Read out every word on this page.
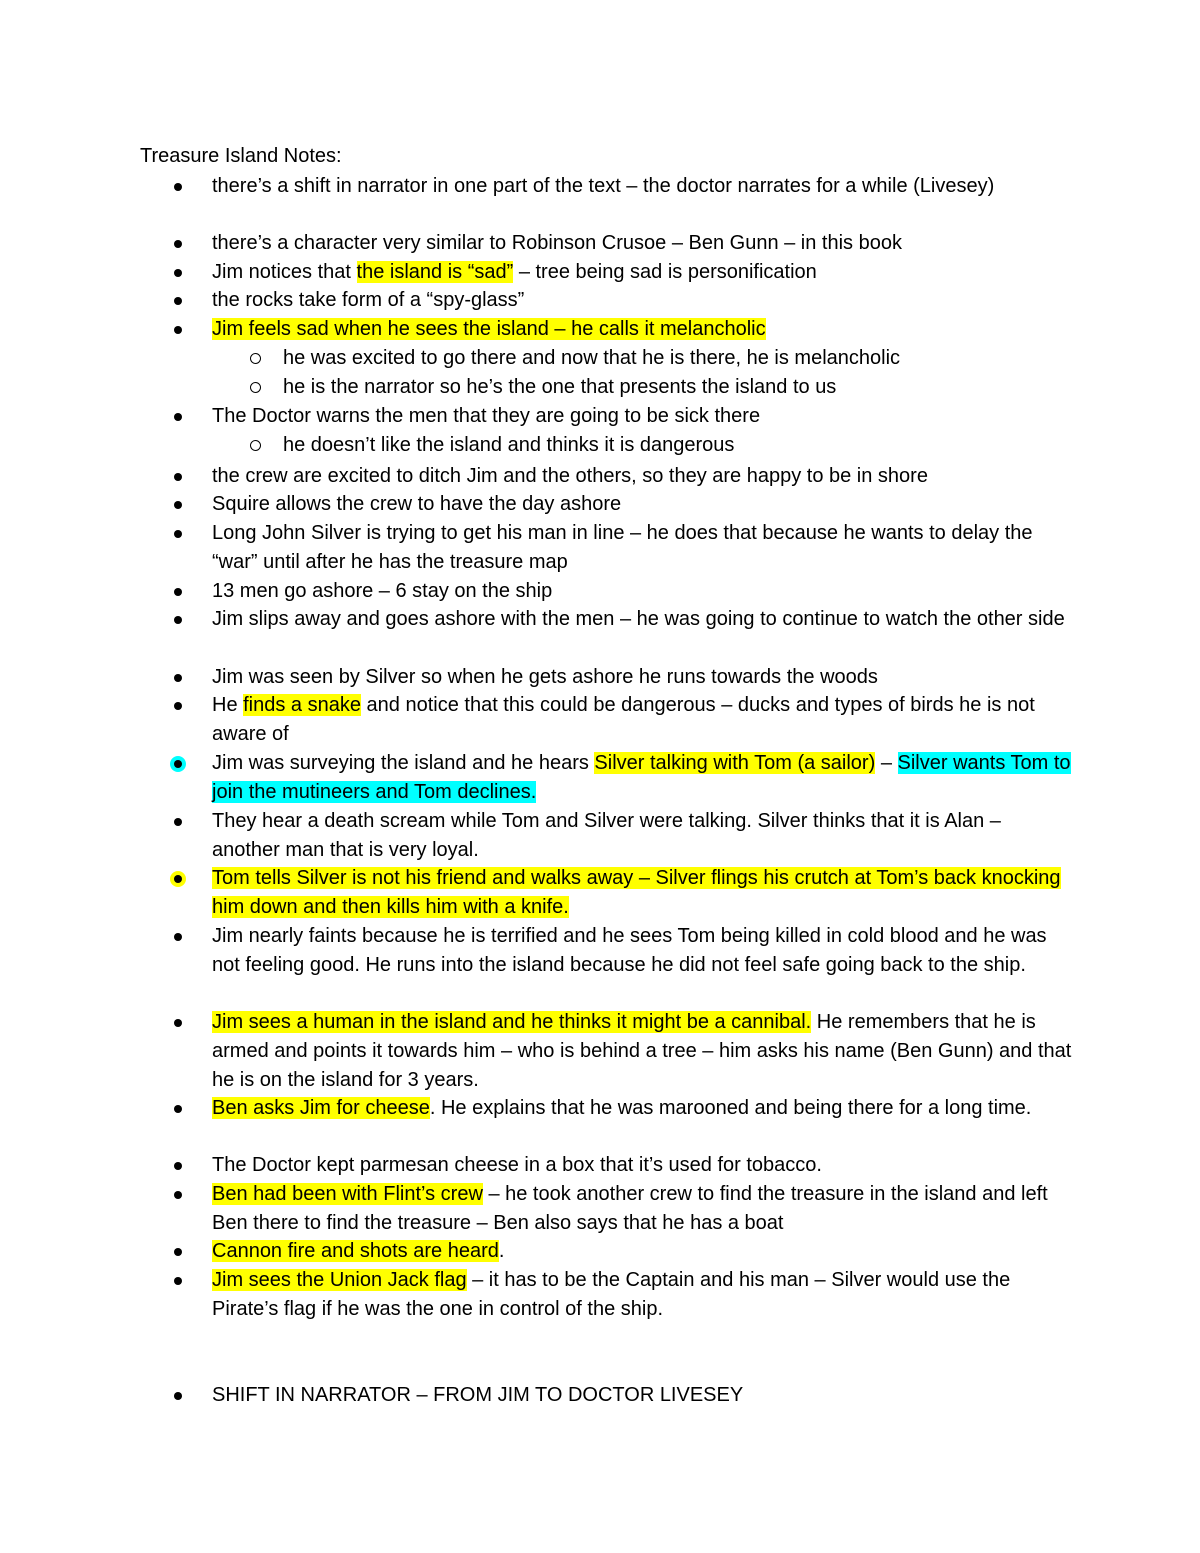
Treasure Island Notes:
there’s a shift in narrator in one part of the text – the doctor narrates for a while (Livesey)
there’s a character very similar to Robinson Crusoe – Ben Gunn – in this book
Jim notices that the island is “sad” – tree being sad is personification
the rocks take form of a “spy-glass”
Jim feels sad when he sees the island – he calls it melancholic
he was excited to go there and now that he is there, he is melancholic
he is the narrator so he’s the one that presents the island to us
The Doctor warns the men that they are going to be sick there
he doesn’t like the island and thinks it is dangerous
the crew are excited to ditch Jim and the others, so they are happy to be in shore
Squire allows the crew to have the day ashore
Long John Silver is trying to get his man in line – he does that because he wants to delay the “war” until after he has the treasure map
13 men go ashore – 6 stay on the ship
Jim slips away and goes ashore with the men – he was going to continue to watch the other side
Jim was seen by Silver so when he gets ashore he runs towards the woods
He finds a snake and notice that this could be dangerous – ducks and types of birds he is not aware of
Jim was surveying the island and he hears Silver talking with Tom (a sailor) – Silver wants Tom to join the mutineers and Tom declines.
They hear a death scream while Tom and Silver were talking. Silver thinks that it is Alan – another man that is very loyal.
Tom tells Silver is not his friend and walks away – Silver flings his crutch at Tom’s back knocking him down and then kills him with a knife.
Jim nearly faints because he is terrified and he sees Tom being killed in cold blood and he was not feeling good. He runs into the island because he did not feel safe going back to the ship.
Jim sees a human in the island and he thinks it might be a cannibal. He remembers that he is armed and points it towards him – who is behind a tree – him asks his name (Ben Gunn) and that he is on the island for 3 years.
Ben asks Jim for cheese. He explains that he was marooned and being there for a long time.
The Doctor kept parmesan cheese in a box that it’s used for tobacco.
Ben had been with Flint’s crew – he took another crew to find the treasure in the island and left Ben there to find the treasure – Ben also says that he has a boat
Cannon fire and shots are heard.
Jim sees the Union Jack flag – it has to be the Captain and his man – Silver would use the Pirate’s flag if he was the one in control of the ship.
SHIFT IN NARRATOR – FROM JIM TO DOCTOR LIVESEY
